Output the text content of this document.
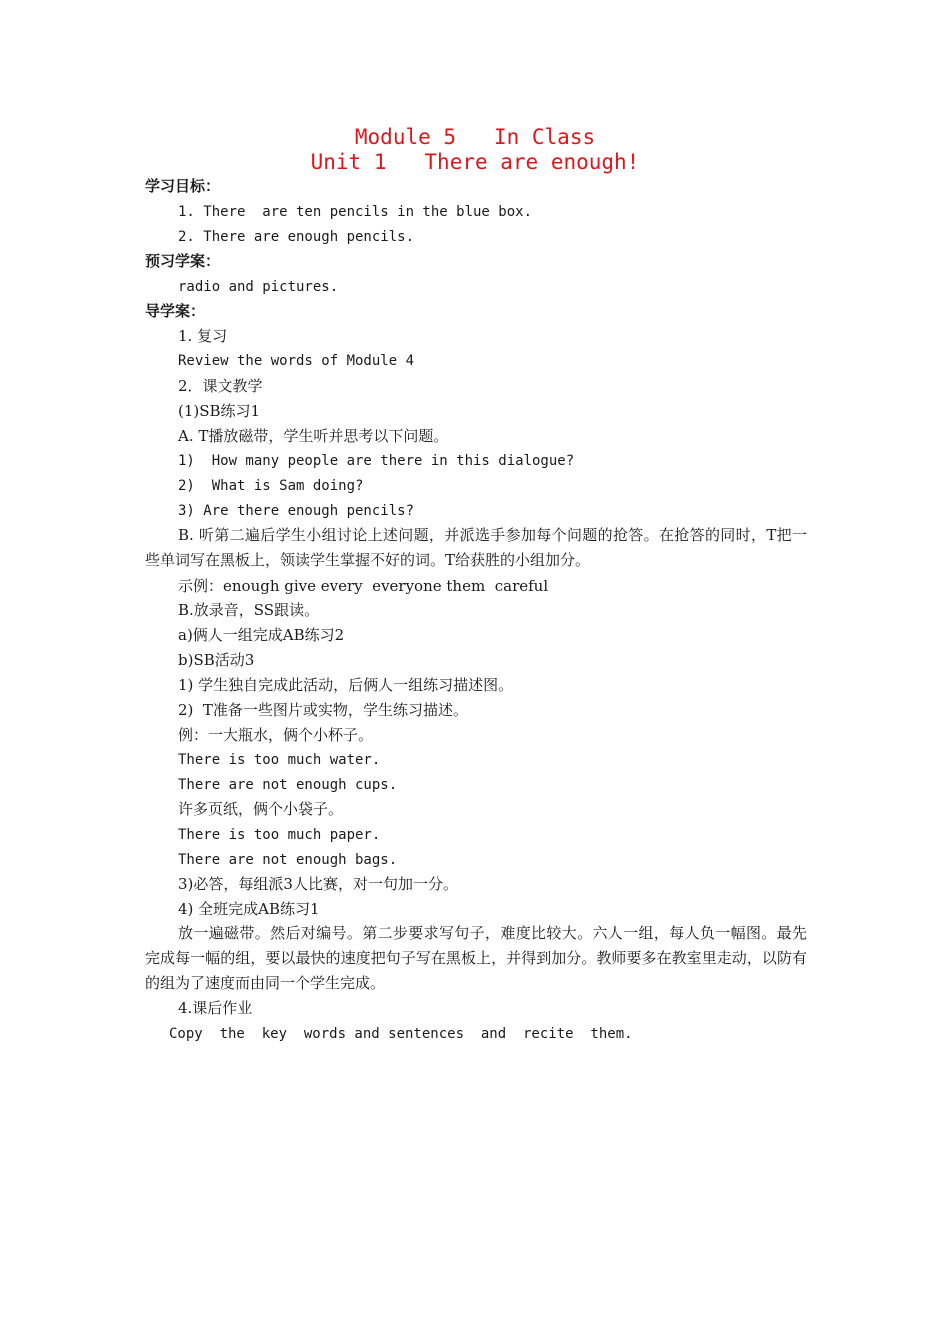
Module 5   In Class
Unit 1   There are enough!
学习目标：
1. There  are ten pencils in the blue box.
2. There are enough pencils.
预习学案：
radio and pictures.
导学案：
1. 复习
Review the words of Module 4
2．课文教学
(1)SB练习1
A. T播放磁带，学生听并思考以下问题。
1)  How many people are there in this dialogue?
2)  What is Sam doing?
3) Are there enough pencils?
B. 听第二遍后学生小组讨论上述问题，并派选手参加每个问题的抢答。在抢答的同时，T把一些单词写在黑板上，领读学生掌握不好的词。T给获胜的小组加分。
示例：enough give every  everyone them  careful
B.放录音，SS跟读。
a)俩人一组完成AB练习2
b)SB活动3
1) 学生独自完成此活动，后俩人一组练习描述图。
2)  T准备一些图片或实物，学生练习描述。
例：一大瓶水，俩个小杯子。
There is too much water.
There are not enough cups.
许多页纸，俩个小袋子。
There is too much paper.
There are not enough bags.
3)必答，每组派3人比赛，对一句加一分。
4) 全班完成AB练习1
放一遍磁带。然后对编号。第二步要求写句子，难度比较大。六人一组，每人负一幅图。最先完成每一幅的组，要以最快的速度把句子写在黑板上，并得到加分。教师要多在教室里走动，以防有的组为了速度而由同一个学生完成。
4.课后作业
Copy  the  key  words and sentences  and  recite  them.
